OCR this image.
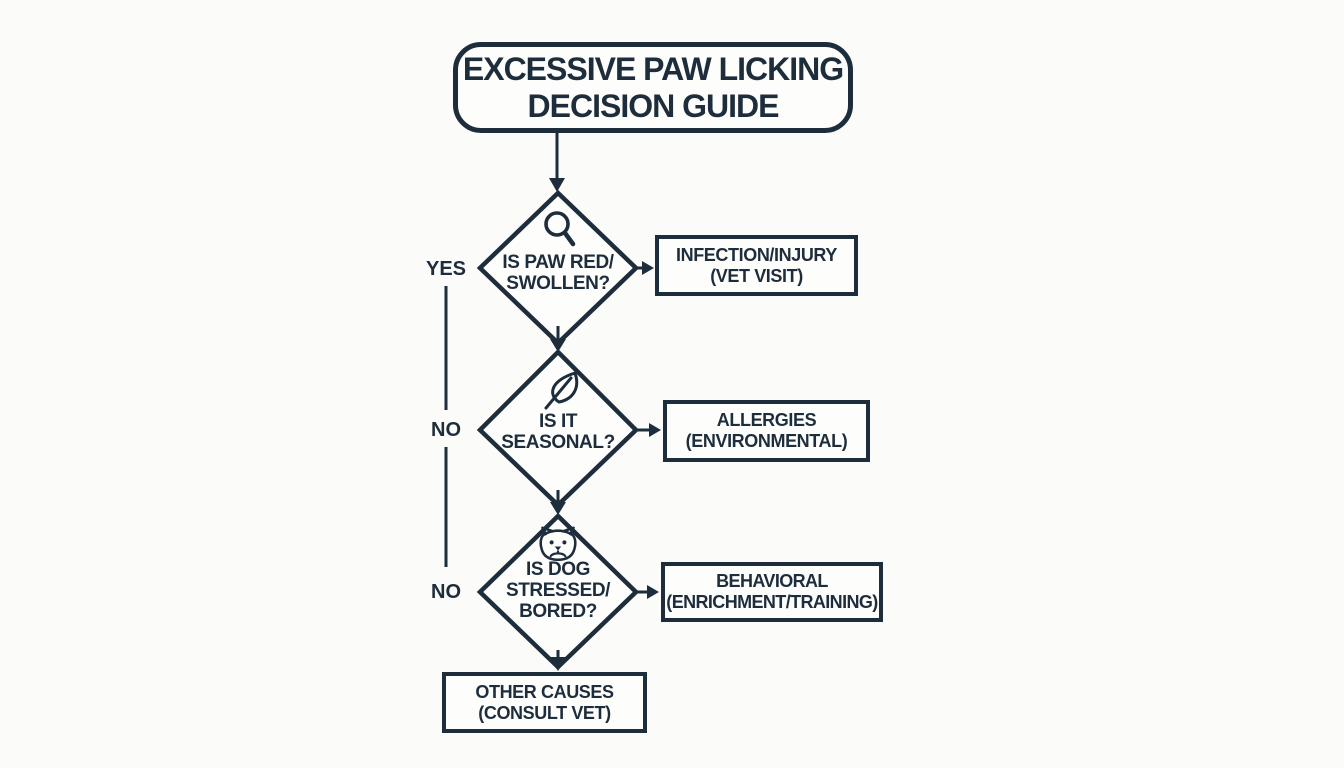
EXCESSIVE PAW LICKING
DECISION GUIDE
YES
NO
NO
IS PAW RED/
SWOLLEN?
IS IT
SEASONAL?
IS DOG
STRESSED/
BORED?
INFECTION/INJURY
(VET VISIT)
ALLERGIES
(ENVIRONMENTAL)
BEHAVIORAL
(ENRICHMENT/TRAINING)
OTHER CAUSES
(CONSULT VET)
